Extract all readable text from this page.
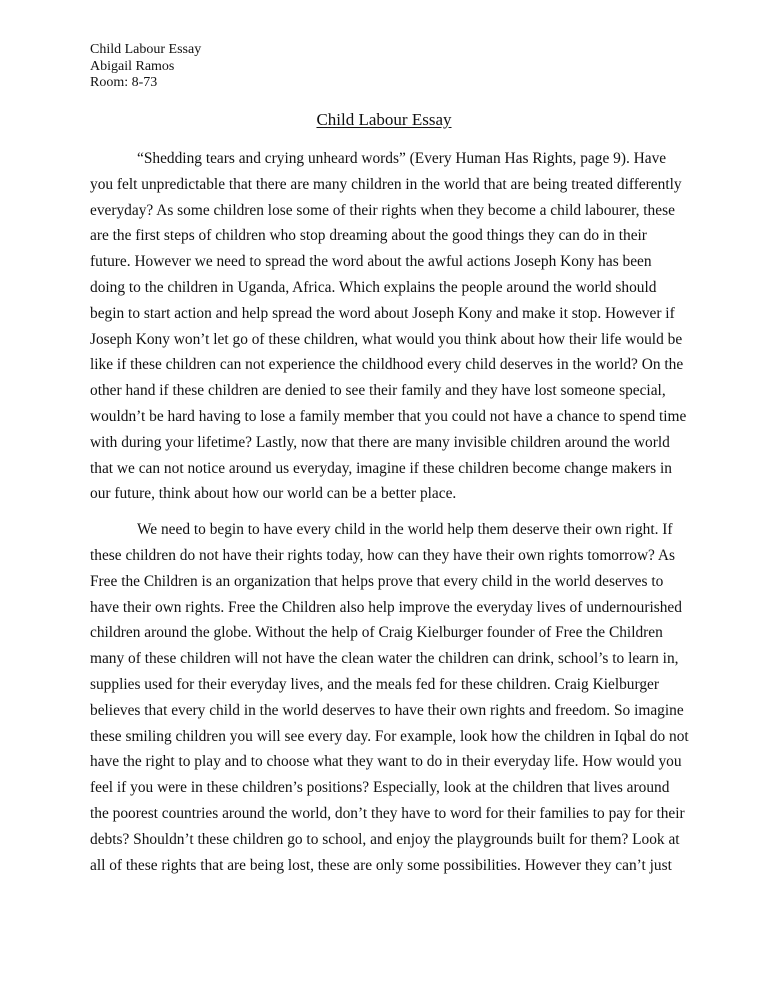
Child Labour Essay
Abigail Ramos
Room: 8-73
Child Labour Essay
“Shedding tears and crying unheard words” (Every Human Has Rights, page 9). Have
you felt unpredictable that there are many children in the world that are being treated differently
everyday? As some children lose some of their rights when they become a child labourer, these
are the first steps of children who stop dreaming about the good things they can do in their
future. However we need to spread the word about the awful actions Joseph Kony has been
doing to the children in Uganda, Africa. Which explains the people around the world should
begin to start action and help spread the word about Joseph Kony and make it stop. However if
Joseph Kony won’t let go of these children, what would you think about how their life would be
like if these children can not experience the childhood every child deserves in the world? On the
other hand if these children are denied to see their family and they have lost someone special,
wouldn’t be hard having to lose a family member that you could not have a chance to spend time
with during your lifetime? Lastly, now that there are many invisible children around the world
that we can not notice around us everyday, imagine if these children become change makers in
our future, think about how our world can be a better place.
We need to begin to have every child in the world help them deserve their own right. If
these children do not have their rights today, how can they have their own rights tomorrow? As
Free the Children is an organization that helps prove that every child in the world deserves to
have their own rights. Free the Children also help improve the everyday lives of undernourished
children around the globe. Without the help of Craig Kielburger founder of Free the Children
many of these children will not have the clean water the children can drink, school’s to learn in,
supplies used for their everyday lives, and the meals fed for these children. Craig Kielburger
believes that every child in the world deserves to have their own rights and freedom. So imagine
these smiling children you will see every day. For example, look how the children in Iqbal do not
have the right to play and to choose what they want to do in their everyday life. How would you
feel if you were in these children’s positions? Especially, look at the children that lives around
the poorest countries around the world, don’t they have to word for their families to pay for their
debts? Shouldn’t these children go to school, and enjoy the playgrounds built for them? Look at
all of these rights that are being lost, these are only some possibilities. However they can’t just
